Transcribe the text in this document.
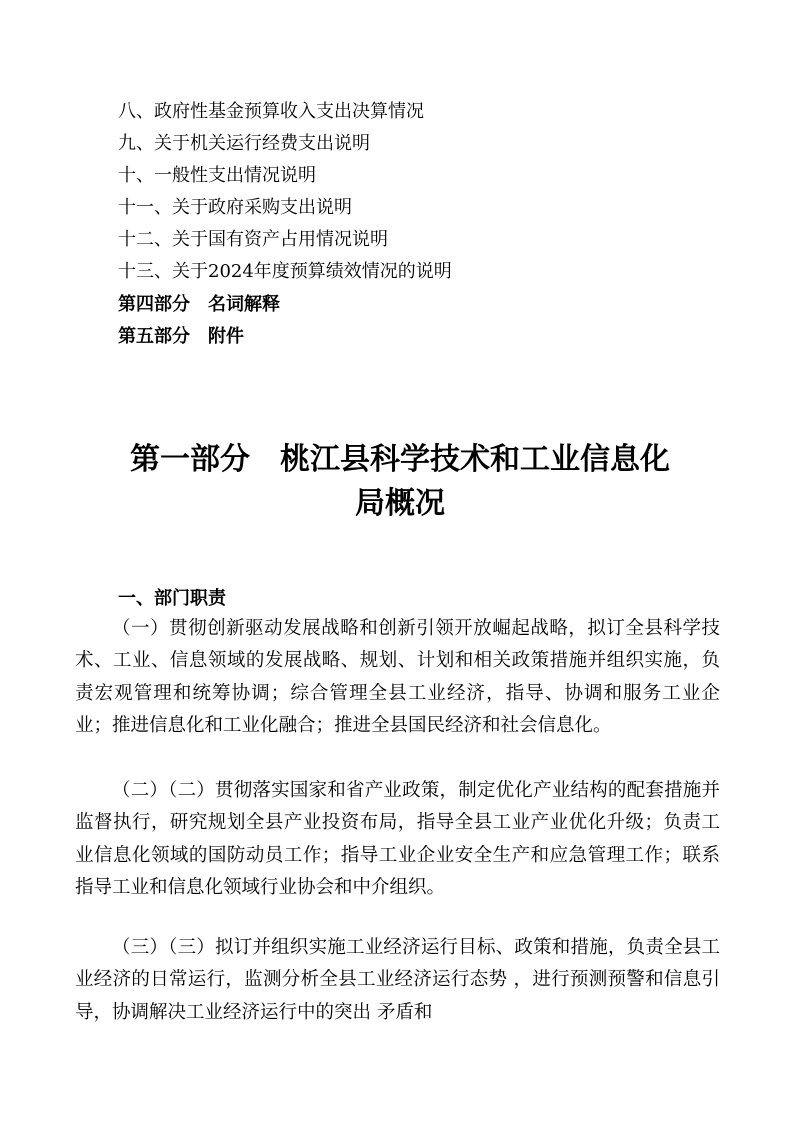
八、政府性基金预算收入支出决算情况
九、关于机关运行经费支出说明
十、一般性支出情况说明
十一、关于政府采购支出说明
十二、关于国有资产占用情况说明
十三、关于2024年度预算绩效情况的说明
第四部分　名词解释
第五部分　附件
第一部分　桃江县科学技术和工业信息化
局概况
一、部门职责

（一）贯彻创新驱动发展战略和创新引领开放崛起战略，拟订全县科学技术、工业、信息领域的发展战略、规划、计划和相关政策措施并组织实施，负责宏观管理和统筹协调；综合管理全县工业经济，指导、协调和服务工业企业；推进信息化和工业化融合；推进全县国民经济和社会信息化。

（二）（二）贯彻落实国家和省产业政策，制定优化产业结构的配套措施并监督执行，研究规划全县产业投资布局，指导全县工业产业优化升级；负责工业信息化领域的国防动员工作；指导工业企业安全生产和应急管理工作；联系指导工业和信息化领域行业协会和中介组织。

（三）（三）拟订并组织实施工业经济运行目标、政策和措施，负责全县工业经济的日常运行，监测分析全县工业经济运行态势 ，进行预测预警和信息引导，协调解决工业经济运行中的突出 矛盾和
